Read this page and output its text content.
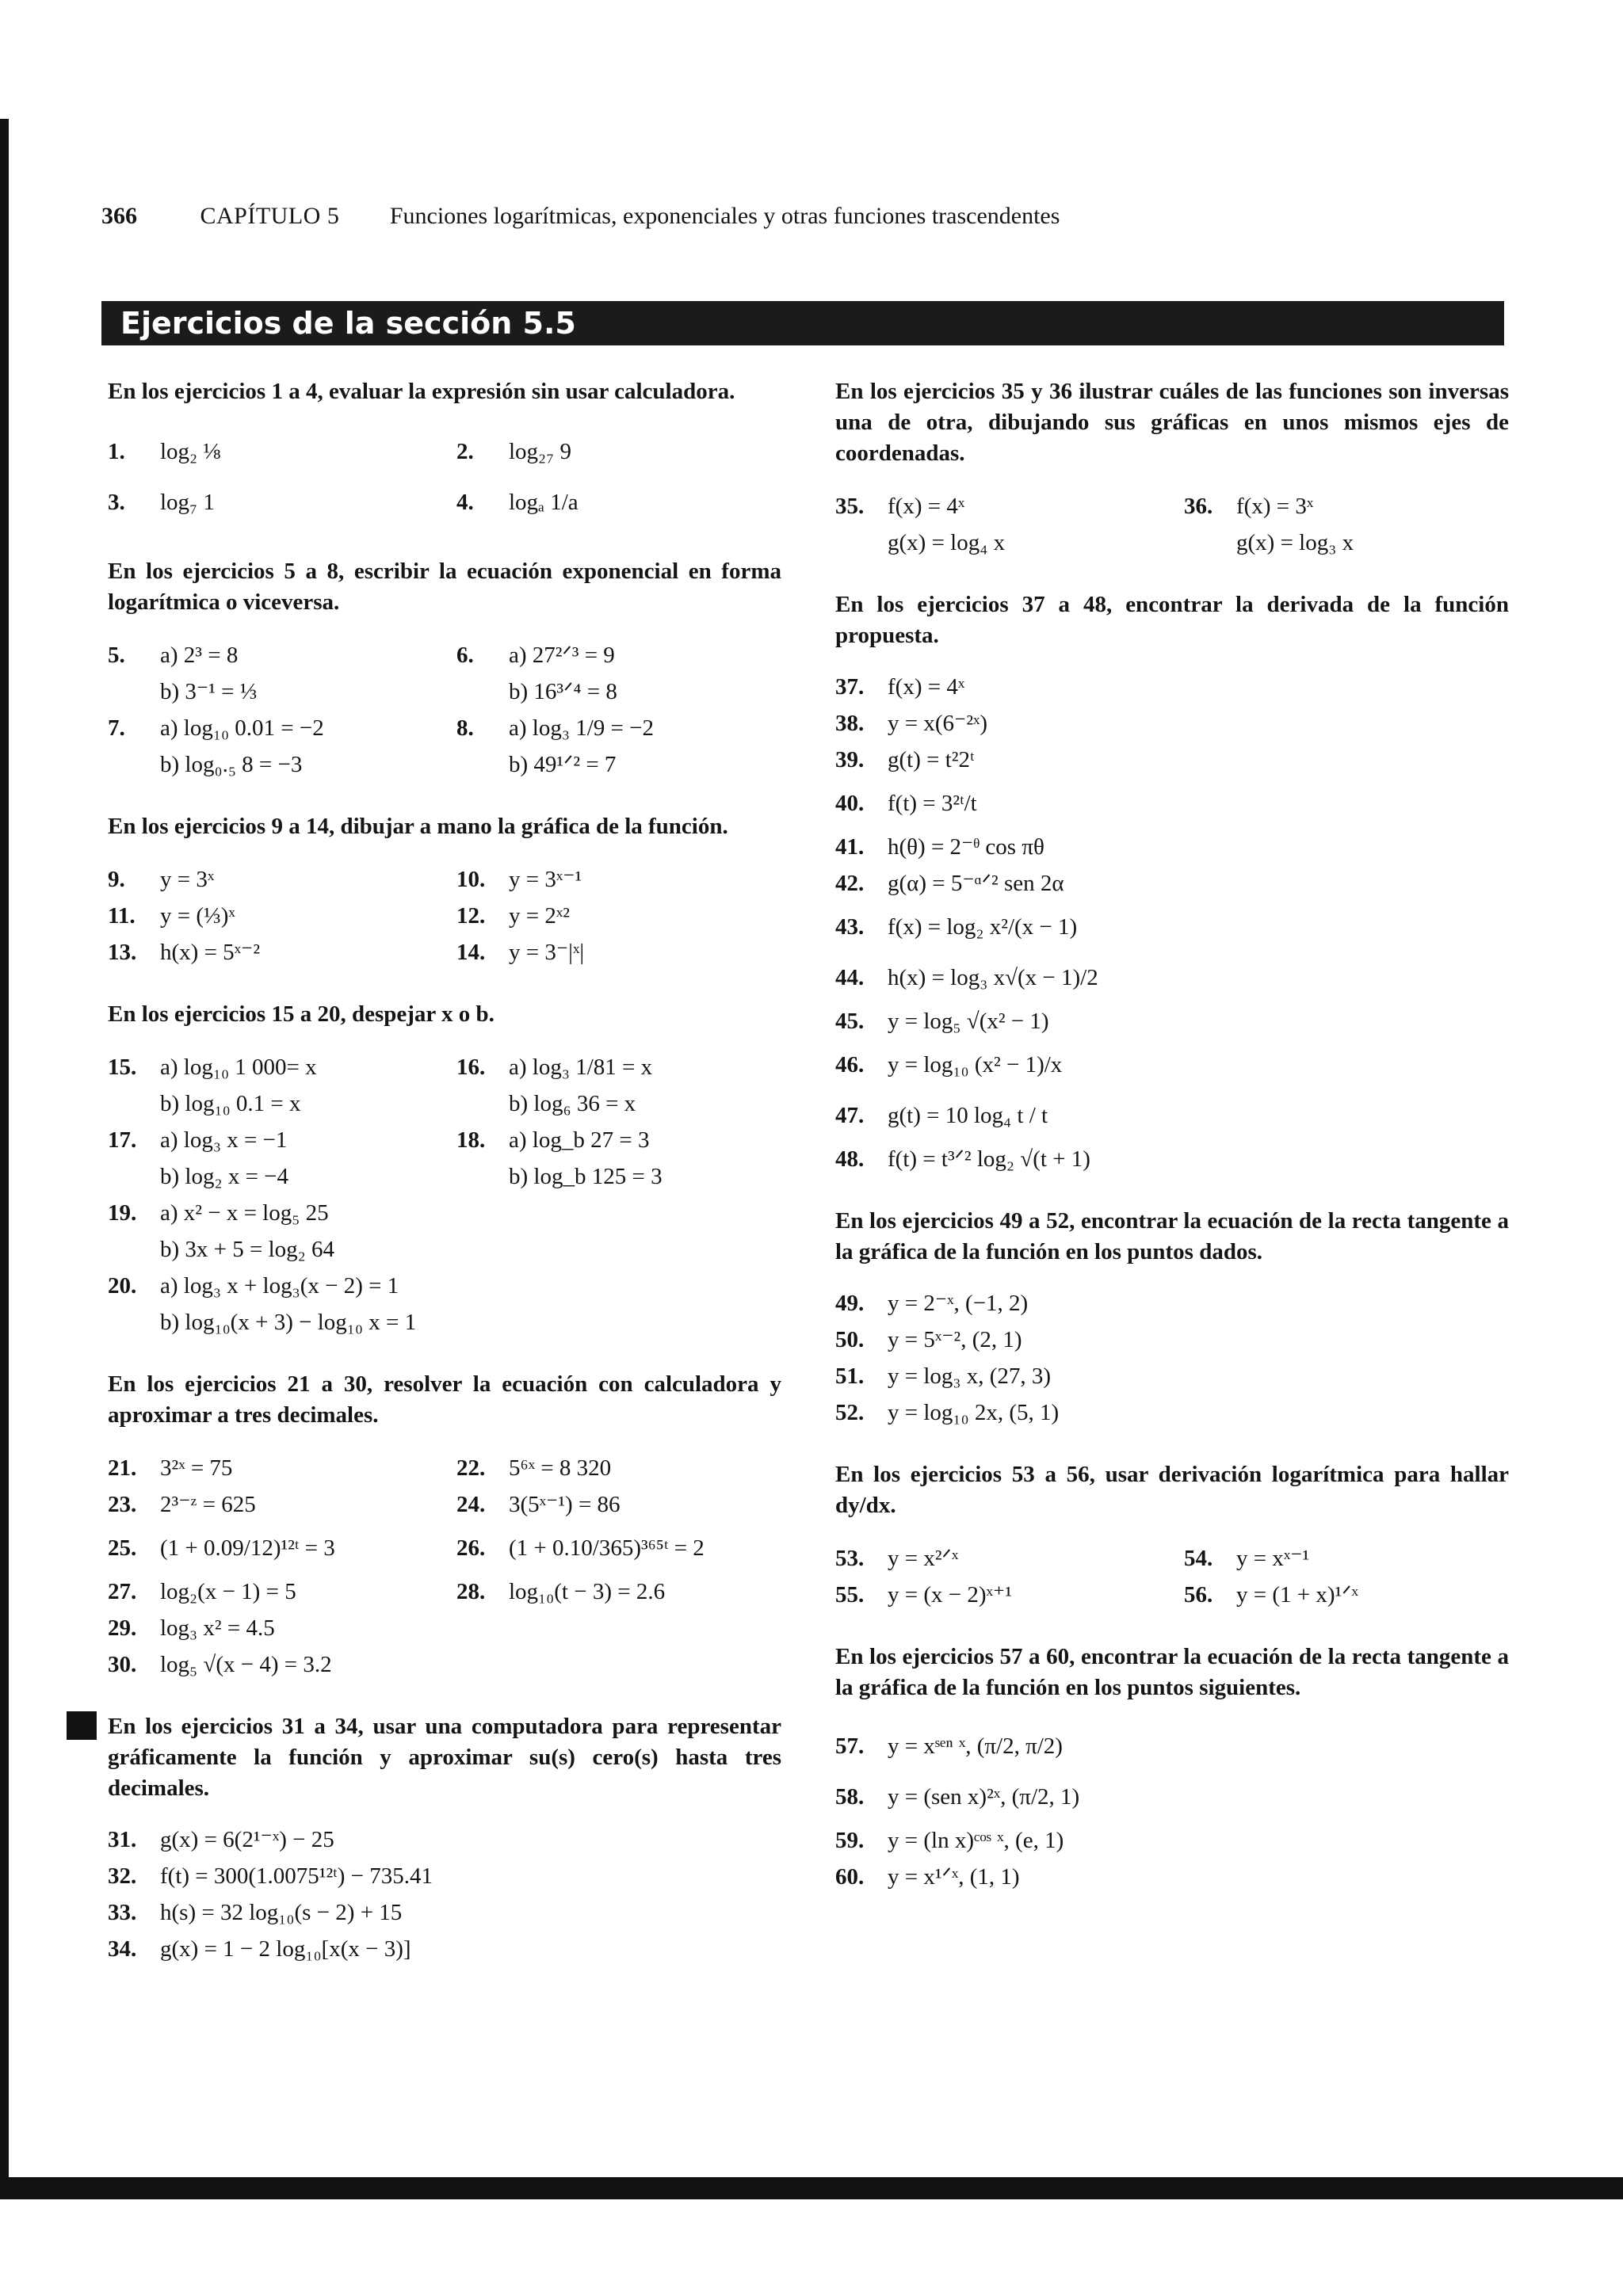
366	CAPÍTULO 5 Funciones logarítmicas, exponenciales y otras funciones trascendentes
Ejercicios de la sección 5.5

En los ejercicios 1 a 4, evaluar la expresión sin usar calculadora.

1. log₂ ⅛	2. log₂₇ 9
3. log₇ 1	4. logₐ 1/a

En los ejercicios 5 a 8, escribir la ecuación exponencial en forma logarítmica o viceversa.

5. a) 2³ = 8	6. a) 27²ᐟ³ = 9
b) 3⁻¹ = ⅓	b) 16³ᐟ⁴ = 8
7. a) log₁₀ 0.01 = −2	8. a) log₃ 1/9 = −2
b) log₀.₅ 8 = −3	b) 49¹ᐟ² = 7

En los ejercicios 9 a 14, dibujar a mano la gráfica de la función.

9. y = 3ˣ	10. y = 3ˣ⁻¹
11. y = (⅓)ˣ	12. y = 2ˣ²
13. h(x) = 5ˣ⁻²	14. y = 3⁻|ˣ|

En los ejercicios 15 a 20, despejar x o b.

15. a) log₁₀ 1 000= x	16. a) log₃ 1/81 = x
b) log₁₀ 0.1 = x	b) log₆ 36 = x
17. a) log₃ x = −1	18. a) log_b 27 = 3
b) log₂ x = −4	b) log_b 125 = 3
19. a) x² − x = log₅ 25
b) 3x + 5 = log₂ 64
20. a) log₃ x + log₃(x − 2) = 1
b) log₁₀(x + 3) − log₁₀ x = 1

En los ejercicios 21 a 30, resolver la ecuación con calculadora y aproximar a tres decimales.

21. 3²ˣ = 75	22. 5⁶ˣ = 8 320
23. 2³⁻ᶻ = 625	24. 3(5ˣ⁻¹) = 86
25. (1 + 0.09/12)¹²ᵗ = 3	26. (1 + 0.10/365)³⁶⁵ᵗ = 2
27. log₂(x − 1) = 5	28. log₁₀(t − 3) = 2.6
29. log₃ x² = 4.5
30. log₅ √(x − 4) = 3.2

En los ejercicios 31 a 34, usar una computadora para representar gráficamente la función y aproximar su(s) cero(s) hasta tres decimales.

31. g(x) = 6(2¹⁻ˣ) − 25
32. f(t) = 300(1.0075¹²ᵗ) − 735.41
33. h(s) = 32 log₁₀(s − 2) + 15
34. g(x) = 1 − 2 log₁₀[x(x − 3)]

En los ejercicios 35 y 36 ilustrar cuáles de las funciones son inversas una de otra, dibujando sus gráficas en unos mismos ejes de coordenadas.

35. f(x) = 4ˣ	36. f(x) = 3ˣ
g(x) = log₄ x	g(x) = log₃ x

En los ejercicios 37 a 48, encontrar la derivada de la función propuesta.

37. f(x) = 4ˣ
38. y = x(6⁻²ˣ)
39. g(t) = t²2ᵗ
40. f(t) = 3²ᵗ/t
41. h(θ) = 2⁻ᶿ cos πθ
42. g(α) = 5⁻ᵅᐟ² sen 2α
43. f(x) = log₂ x²/(x − 1)
44. h(x) = log₃ x√(x − 1)/2
45. y = log₅ √(x² − 1)
46. y = log₁₀ (x² − 1)/x
47. g(t) = 10 log₄ t / t
48. f(t) = t³ᐟ² log₂ √(t + 1)

En los ejercicios 49 a 52, encontrar la ecuación de la recta tangente a la gráfica de la función en los puntos dados.

49. y = 2⁻ˣ, (−1, 2)
50. y = 5ˣ⁻², (2, 1)
51. y = log₃ x, (27, 3)
52. y = log₁₀ 2x, (5, 1)

En los ejercicios 53 a 56, usar derivación logarítmica para hallar dy/dx.

53. y = x²ᐟˣ	54. y = xˣ⁻¹
55. y = (x − 2)ˣ⁺¹	56. y = (1 + x)¹ᐟˣ

En los ejercicios 57 a 60, encontrar la ecuación de la recta tangente a la gráfica de la función en los puntos siguientes.

57. y = xˢᵉⁿ ˣ, (π/2, π/2)
58. y = (sen x)²ˣ, (π/2, 1)
59. y = (ln x)ᶜᵒˢ ˣ, (e, 1)
60. y = x¹ᐟˣ, (1, 1)
